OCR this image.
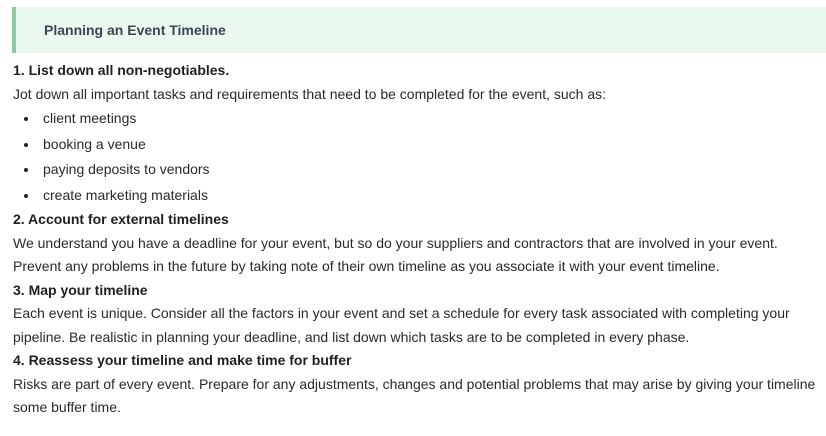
Planning an Event Timeline

1. List down all non-negotiables.

Jot down all important tasks and requirements that need to be completed for the event, such as:

client meetings
booking a venue
paying deposits to vendors
create marketing materials

2. Account for external timelines

We understand you have a deadline for your event, but so do your suppliers and contractors that are involved in your event. Prevent any problems in the future by taking note of their own timeline as you associate it with your event timeline.

3. Map your timeline

Each event is unique. Consider all the factors in your event and set a schedule for every task associated with completing your pipeline. Be realistic in planning your deadline, and list down which tasks are to be completed in every phase.

4. Reassess your timeline and make time for buffer

Risks are part of every event. Prepare for any adjustments, changes and potential problems that may arise by giving your timeline some buffer time.
